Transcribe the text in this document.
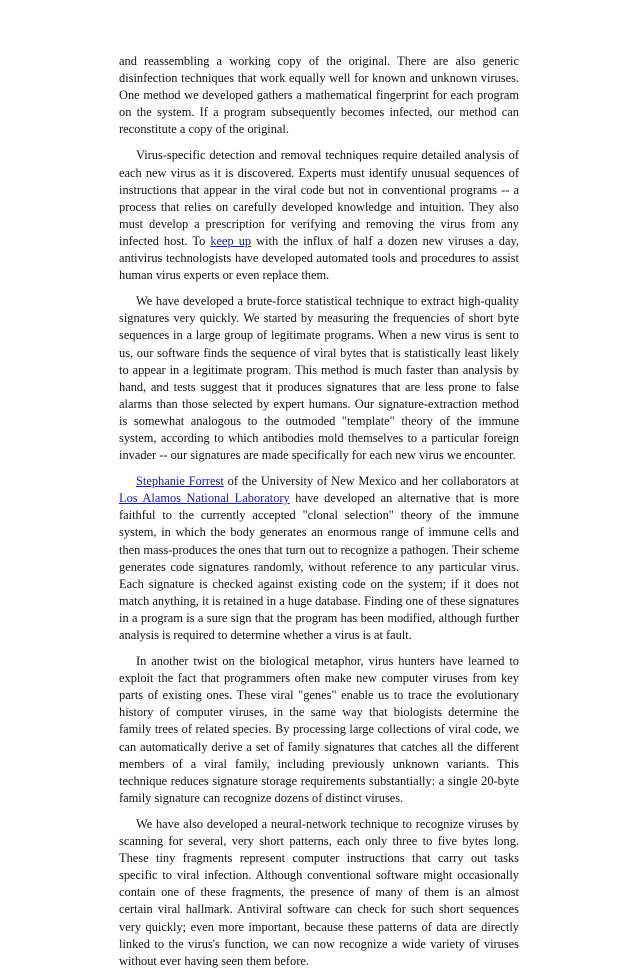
and reassembling a working copy of the original. There are also generic disinfection techniques that work equally well for known and unknown viruses. One method we developed gathers a mathematical fingerprint for each program on the system. If a program subsequently becomes infected, our method can reconstitute a copy of the original.

Virus-specific detection and removal techniques require detailed analysis of each new virus as it is discovered. Experts must identify unusual sequences of instructions that appear in the viral code but not in conventional programs -- a process that relies on carefully developed knowledge and intuition. They also must develop a prescription for verifying and removing the virus from any infected host. To keep up with the influx of half a dozen new viruses a day, antivirus technologists have developed automated tools and procedures to assist human virus experts or even replace them.

We have developed a brute-force statistical technique to extract high-quality signatures very quickly. We started by measuring the frequencies of short byte sequences in a large group of legitimate programs. When a new virus is sent to us, our software finds the sequence of viral bytes that is statistically least likely to appear in a legitimate program. This method is much faster than analysis by hand, and tests suggest that it produces signatures that are less prone to false alarms than those selected by expert humans. Our signature-extraction method is somewhat analogous to the outmoded "template" theory of the immune system, according to which antibodies mold themselves to a particular foreign invader -- our signatures are made specifically for each new virus we encounter.

Stephanie Forrest of the University of New Mexico and her collaborators at Los Alamos National Laboratory have developed an alternative that is more faithful to the currently accepted "clonal selection" theory of the immune system, in which the body generates an enormous range of immune cells and then mass-produces the ones that turn out to recognize a pathogen. Their scheme generates code signatures randomly, without reference to any particular virus. Each signature is checked against existing code on the system; if it does not match anything, it is retained in a huge database. Finding one of these signatures in a program is a sure sign that the program has been modified, although further analysis is required to determine whether a virus is at fault.

In another twist on the biological metaphor, virus hunters have learned to exploit the fact that programmers often make new computer viruses from key parts of existing ones. These viral "genes" enable us to trace the evolutionary history of computer viruses, in the same way that biologists determine the family trees of related species. By processing large collections of viral code, we can automatically derive a set of family signatures that catches all the different members of a viral family, including previously unknown variants. This technique reduces signature storage requirements substantially: a single 20-byte family signature can recognize dozens of distinct viruses.

We have also developed a neural-network technique to recognize viruses by scanning for several, very short patterns, each only three to five bytes long. These tiny fragments represent computer instructions that carry out tasks specific to viral infection. Although conventional software might occasionally contain one of these fragments, the presence of many of them is an almost certain viral hallmark. Antiviral software can check for such short sequences very quickly; even more important, because these patterns of data are directly linked to the virus's function, we can now recognize a wide variety of viruses without ever having seen them before.
